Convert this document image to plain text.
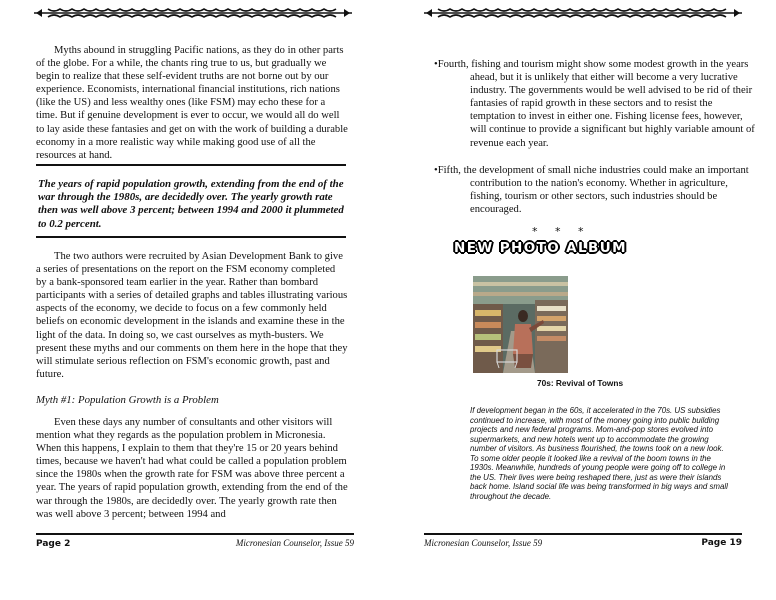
Myths abound in struggling Pacific nations, as they do in other parts of the globe. For a while, the chants ring true to us, but gradually we begin to realize that these self-evident truths are not borne out by our experience. Economists, international financial institutions, rich nations (like the US) and less wealthy ones (like FSM) may echo these for a time. But if genuine development is ever to occur, we would all do well to lay aside these fantasies and get on with the work of building a durable economy in a more realistic way while making good use of all the resources at hand.

The years of rapid population growth, extending from the end of the war through the 1980s, are decidedly over. The yearly growth rate then was well above 3 percent; between 1994 and 2000 it plummeted to 0.2 percent.

The two authors were recruited by Asian Development Bank to give a series of presentations on the report on the FSM economy completed by a bank-sponsored team earlier in the year. Rather than bombard participants with a series of detailed graphs and tables illustrating various aspects of the economy, we decide to focus on a few commonly held beliefs on economic development in the islands and examine these in the light of the data. In doing so, we cast ourselves as myth-busters. We present these myths and our comments on them here in the hope that they will stimulate serious reflection on FSM's economic growth, past and future.

Myth #1: Population Growth is a Problem

Even these days any number of consultants and other visitors will mention what they regards as the population problem in Micronesia. When this happens, I explain to them that they're 15 or 20 years behind times, because we haven't had what could be called a population problem since the 1980s when the growth rate for FSM was above three percent a year. The years of rapid population growth, extending from the end of the war through the 1980s, are decidedly over. The yearly growth rate then was well above 3 percent; between 1994 and

Page 2	Micronesian Counselor, Issue 59

•Fourth, fishing and tourism might show some modest growth in the years ahead, but it is unlikely that either will become a very lucrative industry. The governments would be well advised to be rid of their fantasies of rapid growth in these sectors and to resist the temptation to invest in either one. Fishing license fees, however, will continue to provide a significant but highly variable amount of revenue each year.

•Fifth, the development of small niche industries could make an important contribution to the nation's economy. Whether in agriculture, fishing, tourism or other sectors, such industries should be encouraged.

* * *

NEW PHOTO ALBUM

70s: Revival of Towns

If development began in the 60s, it accelerated in the 70s. US subsidies continued to increase, with most of the money going into public building projects and new federal programs. Mom-and-pop stores evolved into supermarkets, and new hotels went up to accommodate the growing number of visitors. As business flourished, the towns took on a new look. To some older people it looked like a revival of the boom towns in the 1930s. Meanwhile, hundreds of young people were going off to college in the US. Their lives were being reshaped there, just as were their islands back home. Island social life was being transformed in big ways and small throughout the decade.

Micronesian Counselor, Issue 59	Page 19
